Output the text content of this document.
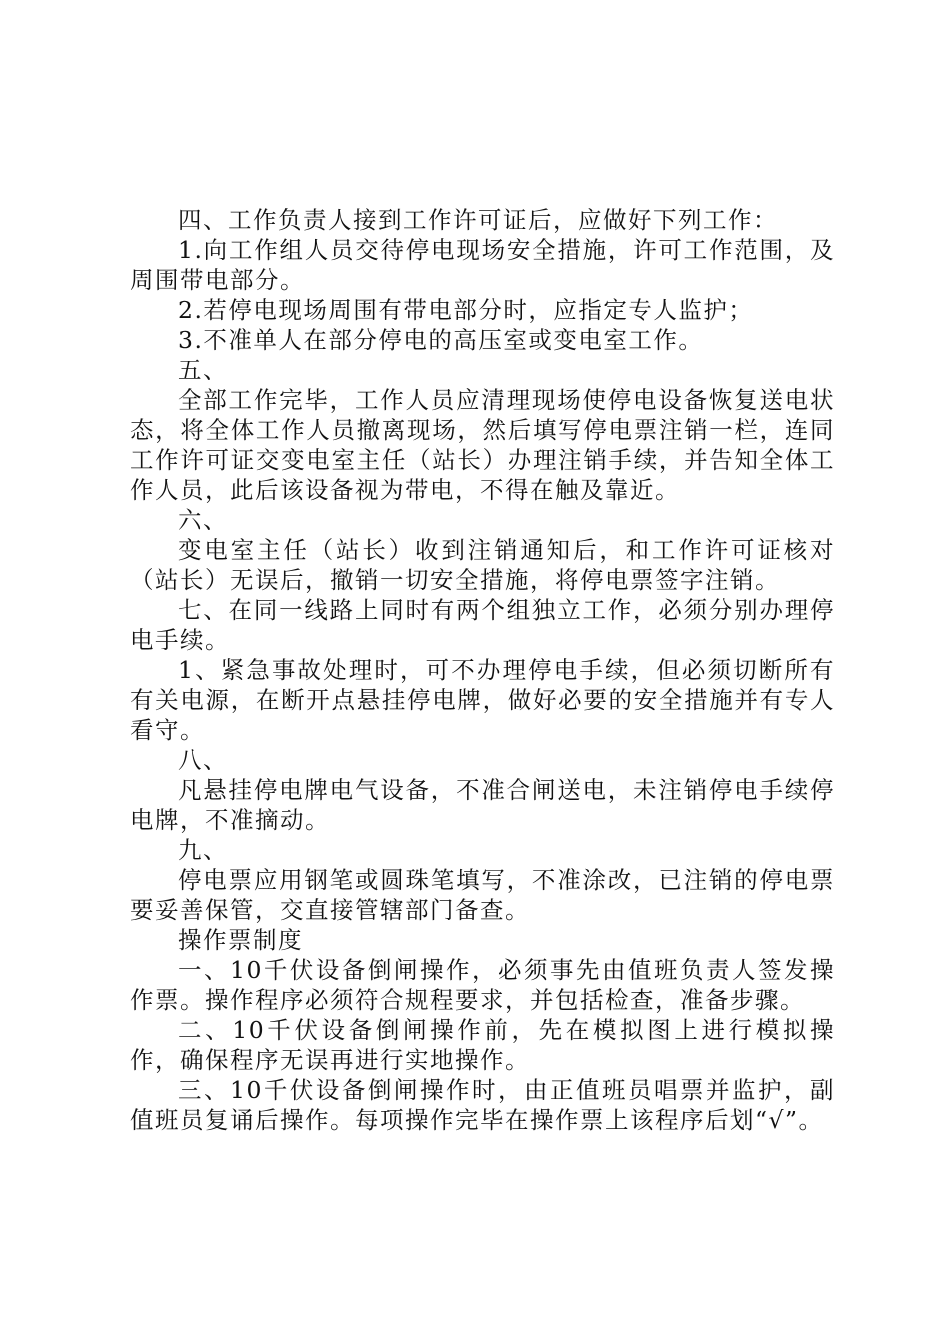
四、工作负责人接到工作许可证后，应做好下列工作：

1.向工作组人员交待停电现场安全措施，许可工作范围，及周围带电部分。

2.若停电现场周围有带电部分时，应指定专人监护；

3.不准单人在部分停电的高压室或变电室工作。

五、

全部工作完毕，工作人员应清理现场使停电设备恢复送电状态，将全体工作人员撤离现场，然后填写停电票注销一栏，连同工作许可证交变电室主任（站长）办理注销手续，并告知全体工作人员，此后该设备视为带电，不得在触及靠近。

六、

变电室主任（站长）收到注销通知后，和工作许可证核对（站长）无误后，撤销一切安全措施，将停电票签字注销。

七、在同一线路上同时有两个组独立工作，必须分别办理停电手续。

1、紧急事故处理时，可不办理停电手续，但必须切断所有有关电源，在断开点悬挂停电牌，做好必要的安全措施并有专人看守。

八、

凡悬挂停电牌电气设备，不准合闸送电，未注销停电手续停电牌，不准摘动。

九、

停电票应用钢笔或圆珠笔填写，不准涂改，已注销的停电票要妥善保管，交直接管辖部门备查。

操作票制度

一、10千伏设备倒闸操作，必须事先由值班负责人签发操作票。操作程序必须符合规程要求，并包括检查，准备步骤。

二、10千伏设备倒闸操作前，先在模拟图上进行模拟操作，确保程序无误再进行实地操作。

三、10千伏设备倒闸操作时，由正值班员唱票并监护，副值班员复诵后操作。每项操作完毕在操作票上该程序后划“√”。
